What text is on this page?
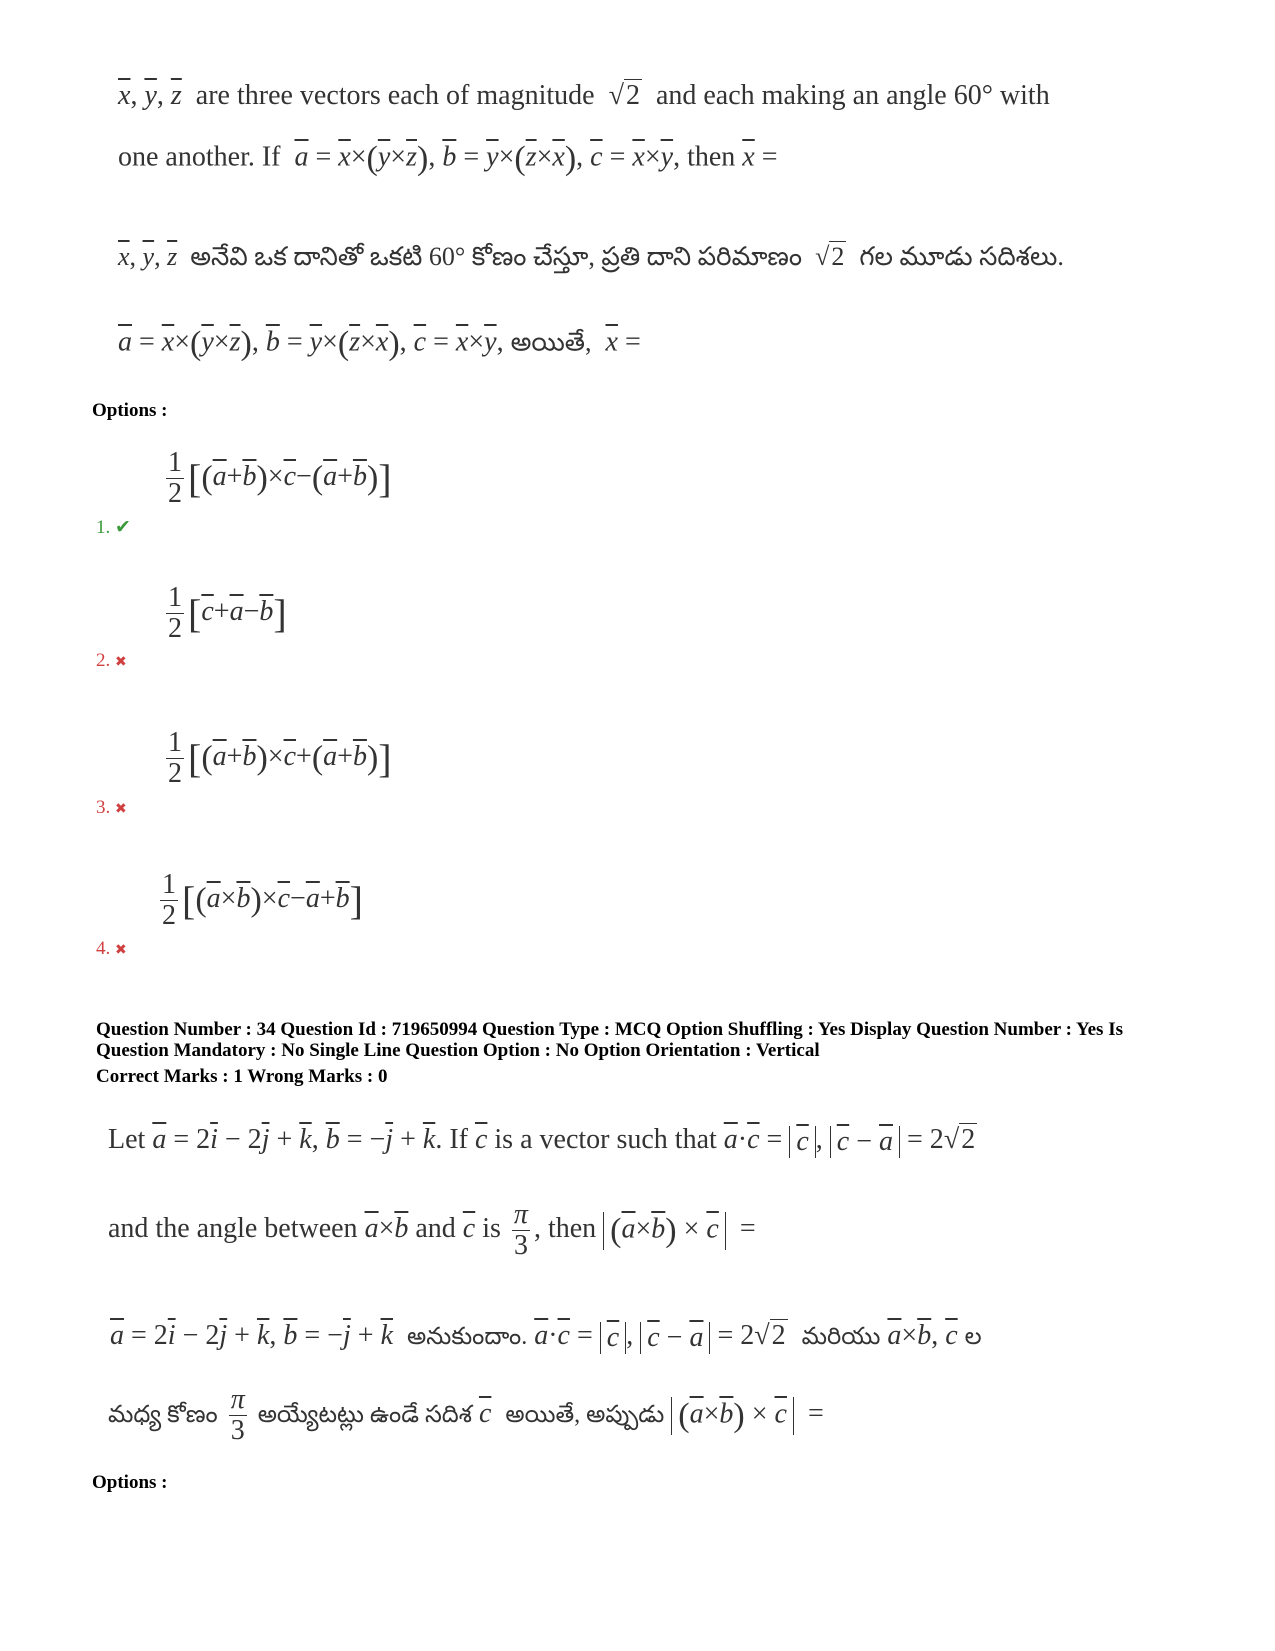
$\overline{x}$, $\overline{y}$, $\overline{z}$ are three vectors each of magnitude √2 and each making an angle 60° with
one another. If $\overline{a} = \overline{x}\times(\overline{y}\times\overline{z})$, $\overline{b} = \overline{y}\times(\overline{z}\times\overline{x})$, $\overline{c} = \overline{x}\times\overline{y}$, then $\overline{x}$ =
$\overline{x}$, $\overline{y}$, $\overline{z}$ అనేవి ఒక దానితో ఒకటి 60° కోణం చేస్తూ, ప్రతి దాని పరిమాణం √2 గల మూడు సదిశలు.
$\overline{a} = \overline{x}\times(\overline{y}\times\overline{z})$, $\overline{b} = \overline{y}\times(\overline{z}\times\overline{x})$, $\overline{c} = \overline{x}\times\overline{y}$, అయితే, $\overline{x}$ =
Options :
$\frac{1}{2} [(\overline{a}+\overline{b})\times\overline{c}-(\overline{a}+\overline{b})]$
1. ✔
$\frac{1}{2} [\overline{c}+\overline{a}-\overline{b}]$
2. ✖
$\frac{1}{2} [(\overline{a}+\overline{b})\times\overline{c}+(\overline{a}+\overline{b})]$
3. ✖
$\frac{1}{2} [(\overline{a}\times\overline{b})\times\overline{c}-\overline{a}+\overline{b}]$
4. ✖
Question Number : 34 Question Id : 719650994 Question Type : MCQ Option Shuffling : Yes Display Question Number : Yes Is
Question Mandatory : No Single Line Question Option : No Option Orientation : Vertical
Correct Marks : 1 Wrong Marks : 0
Let $\overline{a} = 2\overline{i} - 2\overline{j} + \overline{k}$, $\overline{b} = -\overline{j} + \overline{k}$. If $\overline{c}$ is a vector such that $\overline{a}\cdot\overline{c} = \overline{c}$ , $\overline{c} - \overline{a} = 2√2$
and the angle between $\overline{a}\times\overline{b}$ and $\overline{c}$ is $\frac{\pi}{3}$ , then $(\overline{a}\times\overline{b}) \times \overline{c}$  =
$\overline{a} = 2\overline{i} - 2\overline{j} + \overline{k}$, $\overline{b} = -\overline{j} + \overline{k}$ అనుకుందాం. $\overline{a}\cdot\overline{c} = \overline{c}$ , $\overline{c} - \overline{a} = 2√2$ మరియు $\overline{a}\times\overline{b}$, $\overline{c}$ ల
మధ్య కోణం $\frac{\pi}{3}$ అయ్యేటట్లు ఉండే సదిశ $\overline{c}$ అయితే, అప్పుడు $(\overline{a}\times\overline{b}) \times \overline{c}$  =
Options :
